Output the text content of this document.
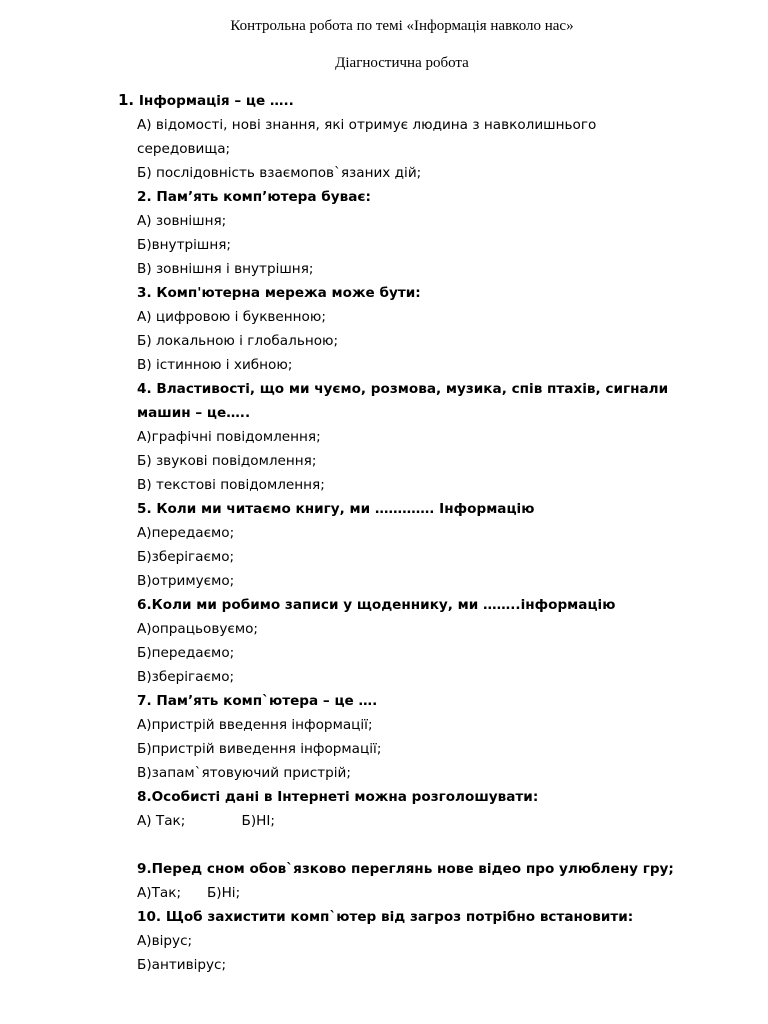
Контрольна робота по темі «Інформація навколо нас»
Діагностична робота
1. Інформація – це …..
А) відомості, нові знання, які отримує людина з навколишнього середовища;
Б) послідовність взаємопов`язаних дій;
2. Пам’ять комп’ютера буває:
А) зовнішня;
Б)внутрішня;
В) зовнішня і внутрішня;
3. Комп'ютерна мережа може бути:
А) цифровою і буквенною;
Б) локальною і глобальною;
В) істинною і хибною;
4. Властивості, що ми чуємо, розмова, музика, спів птахів, сигнали машин – це…..
А)графічні повідомлення;
Б) звукові повідомлення;
В) текстові повідомлення;
5. Коли ми читаємо книгу, ми …………. Інформацію
А)передаємо;
Б)зберігаємо;
В)отримуємо;
6.Коли ми робимо записи у щоденнику, ми ……..інформацію
А)опрацьовуємо;
Б)передаємо;
В)зберігаємо;
7. Пам’ять комп`ютера – це ….
А)пристрій введення інформації;
Б)пристрій виведення інформації;
В)запам`ятовуючий пристрій;
8.Особисті дані в Інтернеті можна розголошувати:
А) Так;             Б)НІ;
9.Перед сном обов`язково переглянь нове відео про улюблену гру;
А)Так;      Б)Ні;
10. Щоб захистити комп`ютер від загроз потрібно встановити:
А)вірус;
Б)антивірус;
